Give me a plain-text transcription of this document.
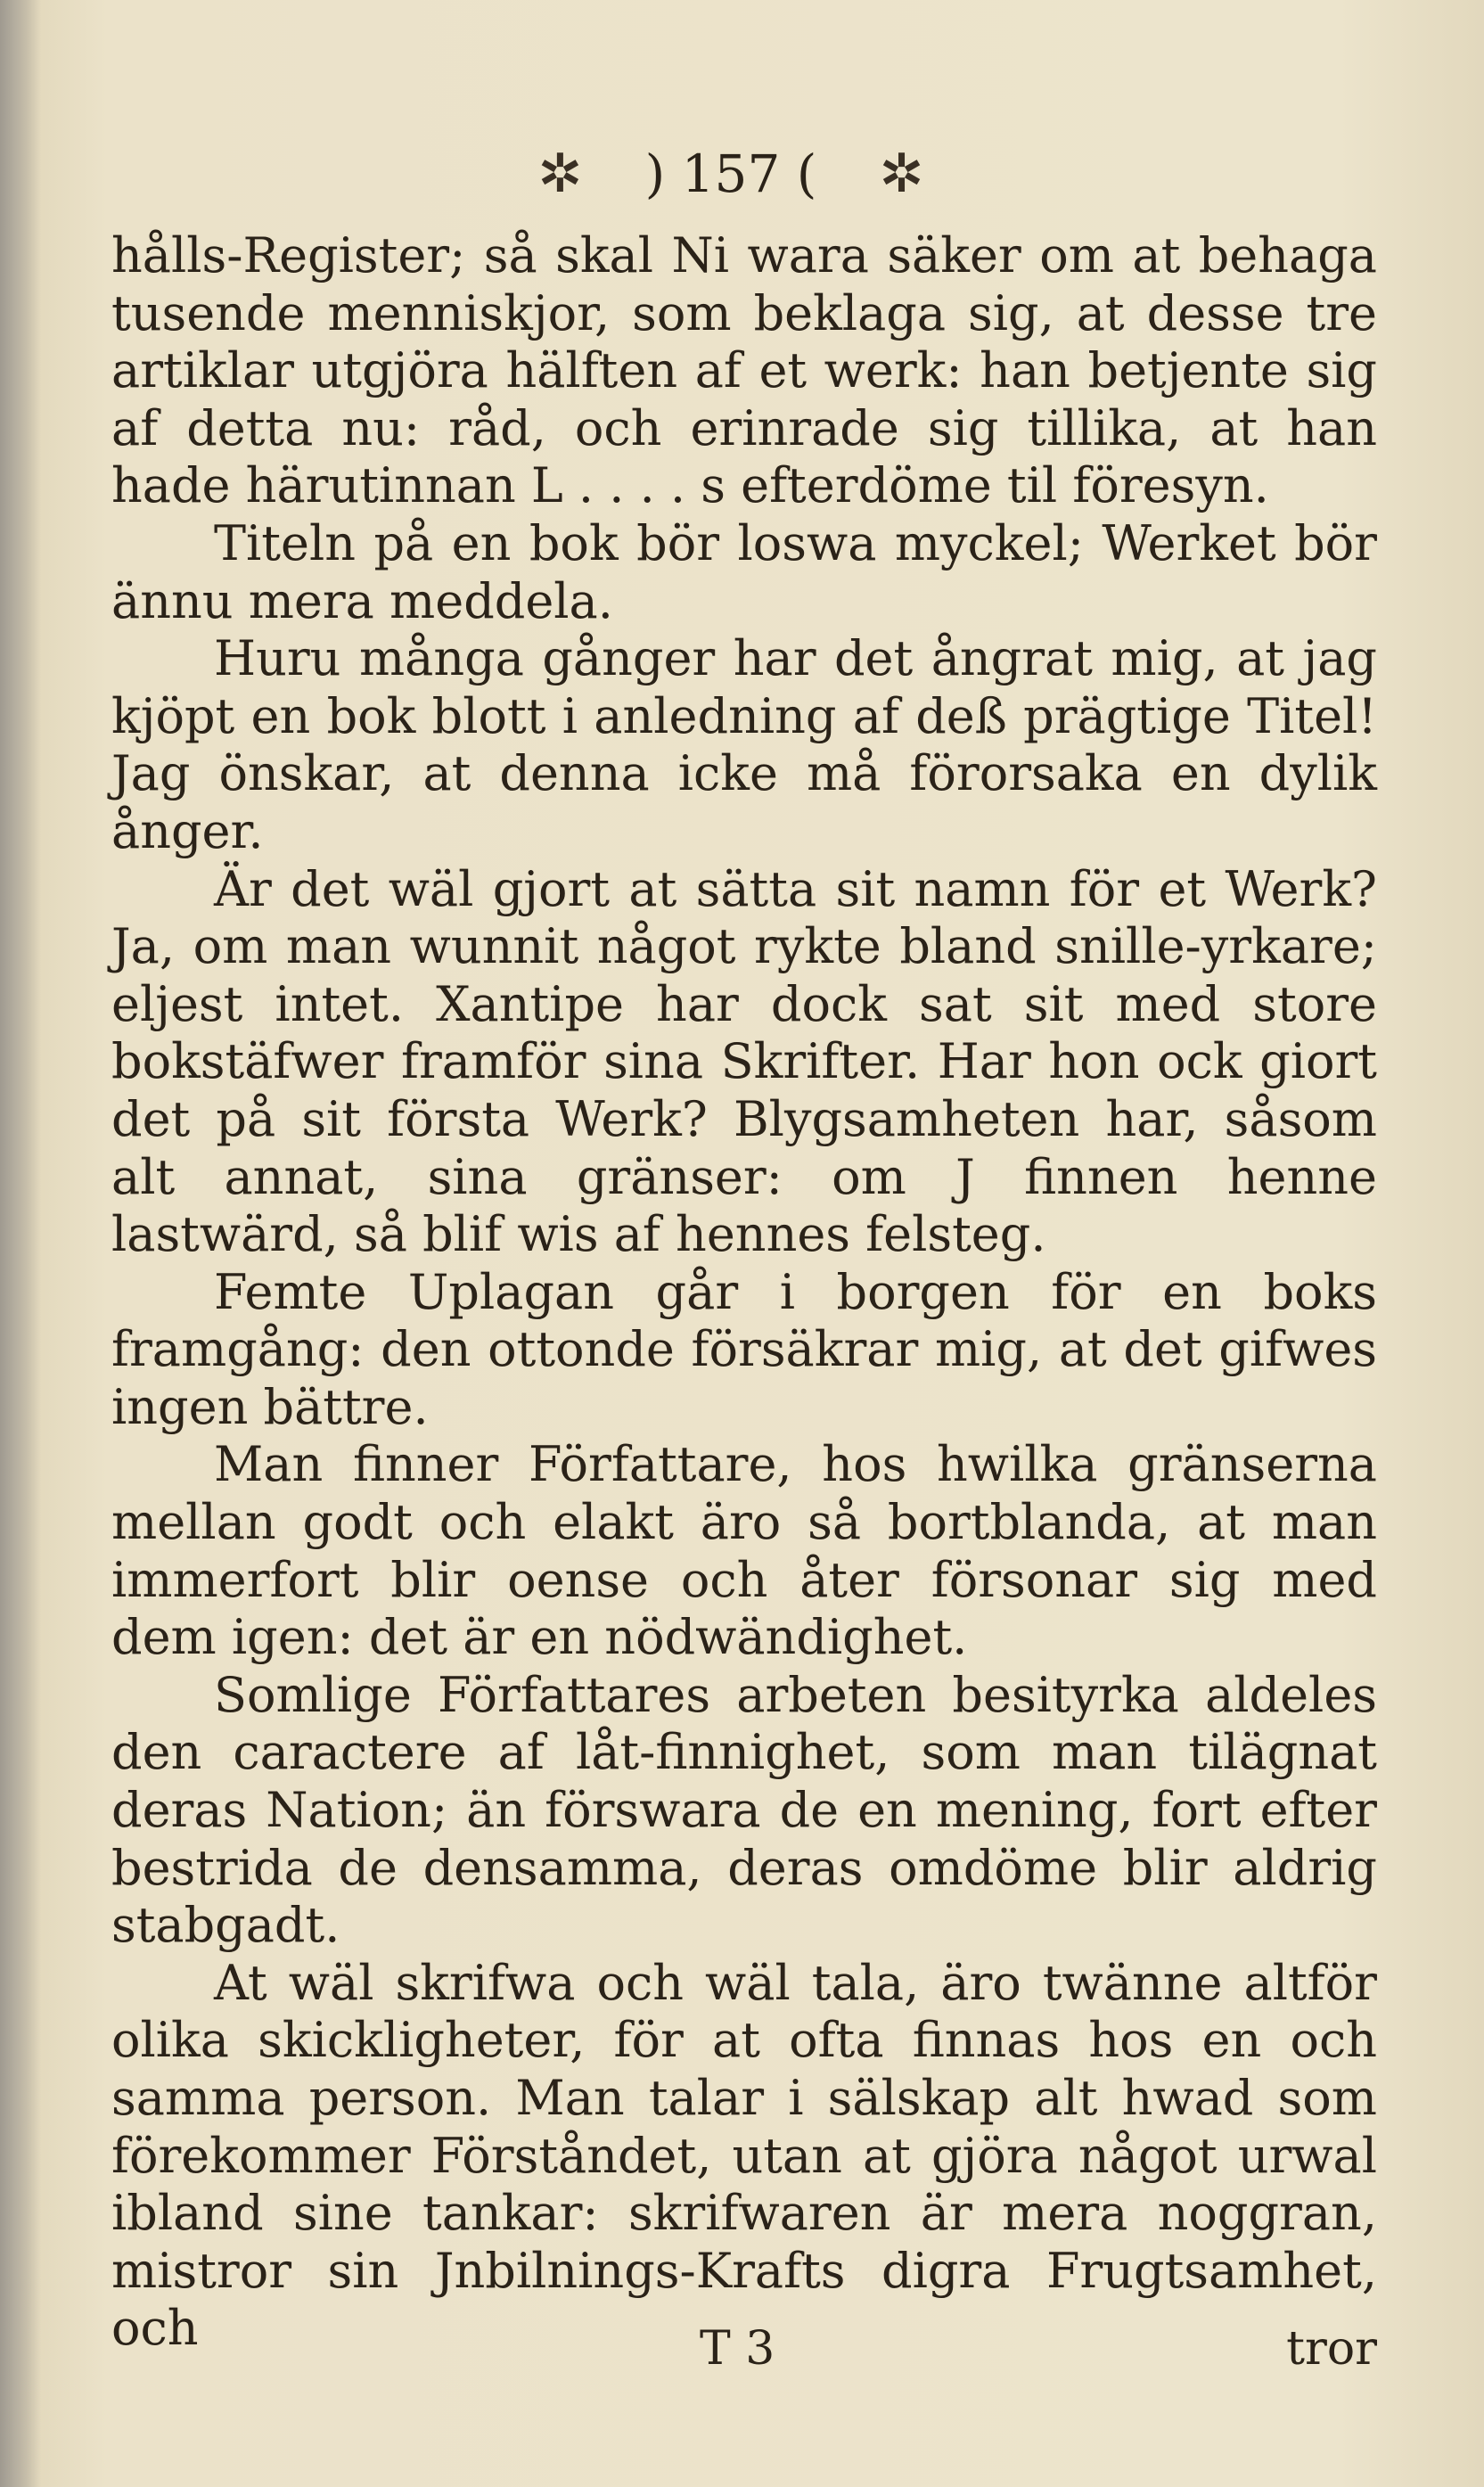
✲ ) 157 ( ✲

hålls-Register; så skal Ni wara säker om at behaga tusende menniskjor, som beklaga sig, at desse tre artiklar utgjöra hälften af et werk: han betjente sig af detta nu: råd, och erinrade sig tillika, at han hade härutinnan L . . . . s efterdöme til föresyn.

Titeln på en bok bör loswa myckel; Werket bör ännu mera meddela.

Huru många gånger har det ångrat mig, at jag kjöpt en bok blott i anledning af deß prägtige Titel! Jag önskar, at denna icke må förorsaka en dylik ånger.

Är det wäl gjort at sätta sit namn för et Werk? Ja, om man wunnit något rykte bland snille-yrkare; eljest intet. Xantipe har dock sat sit med store bokstäfwer framför sina Skrifter. Har hon ock giort det på sit första Werk? Blygsamheten har, såsom alt annat, sina gränser: om J finnen henne lastwärd, så blif wis af hennes felsteg.

Femte Uplagan går i borgen för en boks framgång: den ottonde försäkrar mig, at det gifwes ingen bättre.

Man finner Författare, hos hwilka gränserna mellan godt och elakt äro så bortblanda, at man immerfort blir oense och åter försonar sig med dem igen: det är en nödwändighet.

Somlige Författares arbeten besityrka aldeles den caractere af låt-finnighet, som man tilägnat deras Nation; än förswara de en mening, fort efter bestrida de densamma, deras omdöme blir aldrig stabgadt.

At wäl skrifwa och wäl tala, äro twänne altför olika skickligheter, för at ofta finnas hos en och samma person. Man talar i sälskap alt hwad som förekommer Förståndet, utan at gjöra något urwal ibland sine tankar: skrifwaren är mera noggran, mistror sin Jnbilnings-Krafts digra Frugtsamhet, och	T 3	tror
